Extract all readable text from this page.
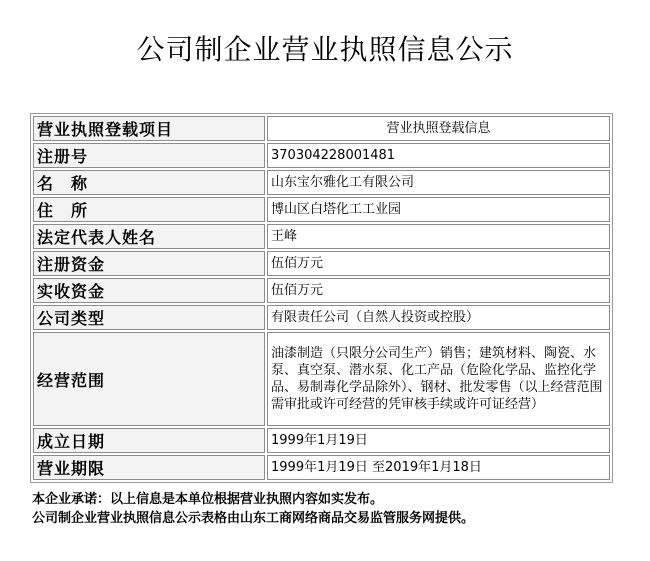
公司制企业营业执照信息公示
营业执照登载项目	营业执照登载信息
注册号	370304228001481
名　称	山东宝尔雅化工有限公司
住　所	博山区白塔化工工业园
法定代表人姓名	王峰
注册资金	伍佰万元
实收资金	伍佰万元
公司类型	有限责任公司（自然人投资或控股）
经营范围	油漆制造（只限分公司生产）销售；建筑材料、陶瓷、水泵、真空泵、潜水泵、化工产品（危险化学品、监控化学品、易制毒化学品除外）、钢材、批发零售（以上经营范围需审批或许可经营的凭审核手续或许可证经营）
成立日期	1999年1月19日
营业期限	1999年1月19日 至2019年1月18日
本企业承诺：以上信息是本单位根据营业执照内容如实发布。
公司制企业营业执照信息公示表格由山东工商网络商品交易监管服务网提供。
